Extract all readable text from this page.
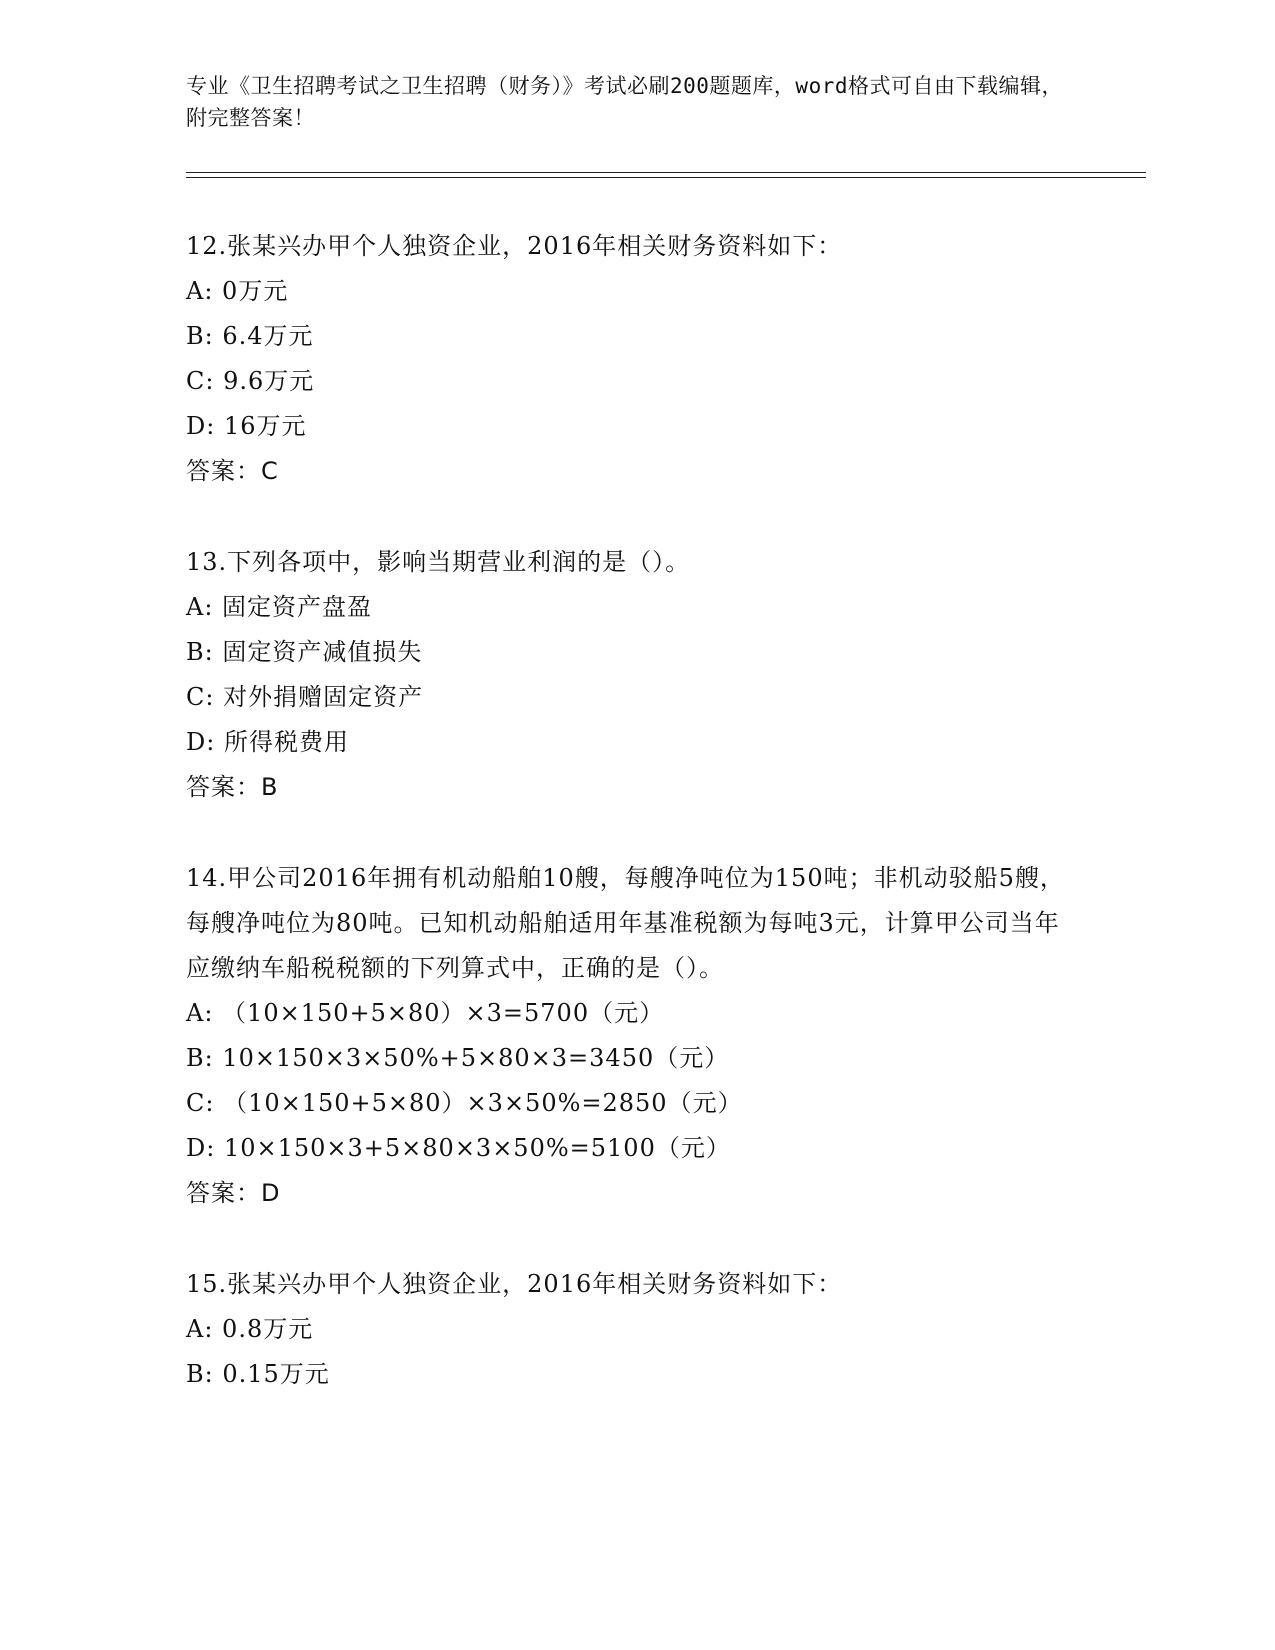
专业《卫生招聘考试之卫生招聘（财务）》考试必刷200题题库，word格式可自由下载编辑，附完整答案！
12.张某兴办甲个人独资企业，2016年相关财务资料如下：
A: 0万元
B: 6.4万元
C: 9.6万元
D: 16万元
答案：C
13.下列各项中，影响当期营业利润的是（）。
A: 固定资产盘盈
B: 固定资产减值损失
C: 对外捐赠固定资产
D: 所得税费用
答案：B
14.甲公司2016年拥有机动船舶10艘，每艘净吨位为150吨；非机动驳船5艘，每艘净吨位为80吨。已知机动船舶适用年基准税额为每吨3元，计算甲公司当年应缴纳车船税税额的下列算式中，正确的是（）。
A: （10×150+5×80）×3=5700（元）
B: 10×150×3×50%+5×80×3=3450（元）
C: （10×150+5×80）×3×50%=2850（元）
D: 10×150×3+5×80×3×50%=5100（元）
答案：D
15.张某兴办甲个人独资企业，2016年相关财务资料如下：
A: 0.8万元
B: 0.15万元
